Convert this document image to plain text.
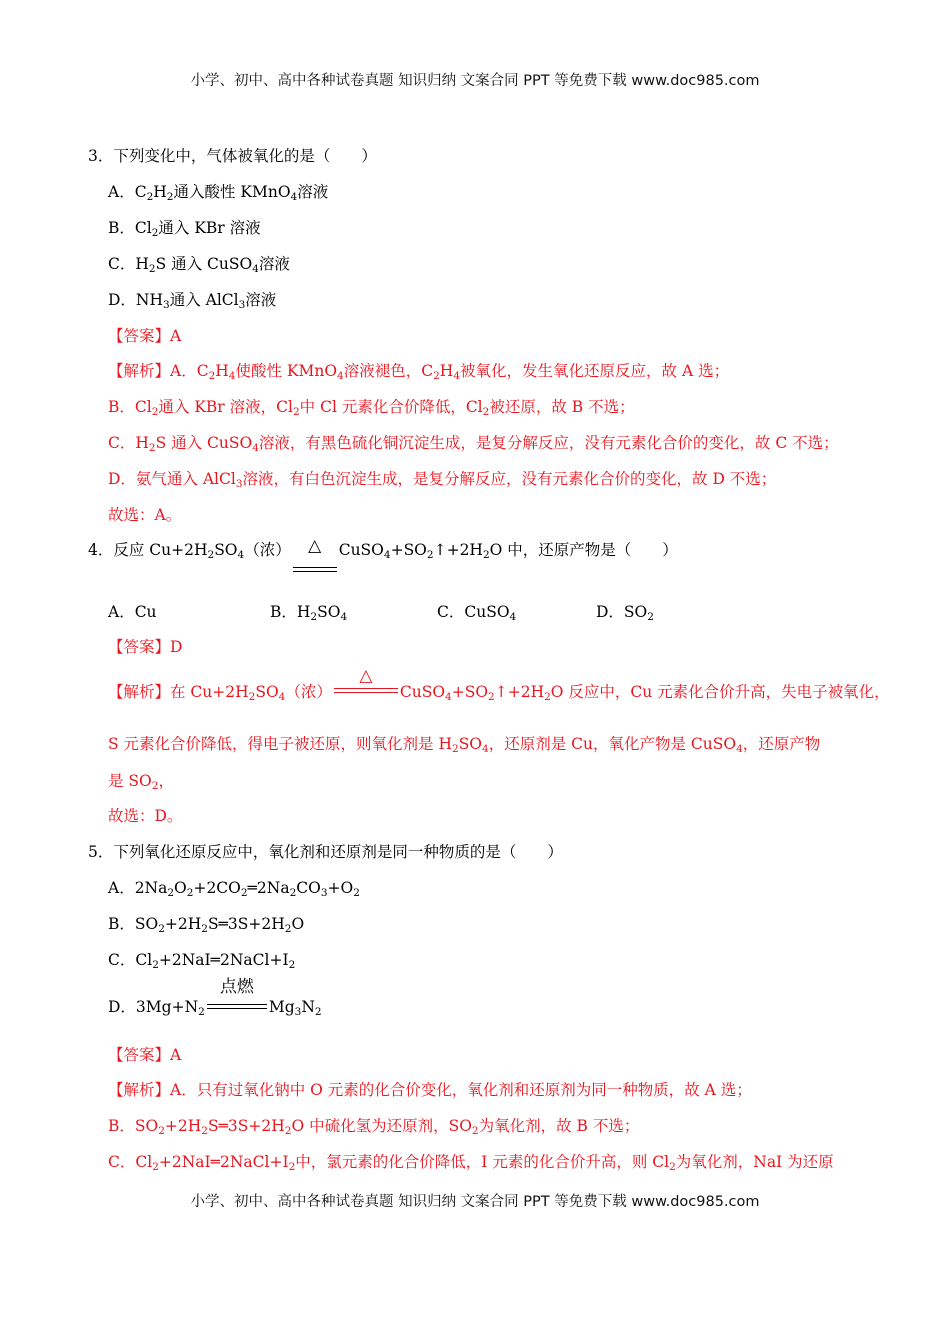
小学、初中、高中各种试卷真题 知识归纳 文案合同 PPT 等免费下载 www.doc985.com
3．下列变化中，气体被氧化的是（　　）
A．$C_2H_2$通入酸性 KMnO$_4$溶液
B．$Cl_2$通入 KBr 溶液
C．$H_2S$ 通入 CuSO$_4$溶液
D．$NH_3$通入 AlCl$_3$溶液
【答案】A
【解析】A．$C_2H_4$使酸性 KMnO$_4$溶液褪色，$C_2H_4$被氧化，发生氧化还原反应，故 A 选；
B．$Cl_2$通入 KBr 溶液，$Cl_2$中 Cl 元素化合价降低，$Cl_2$被还原，故 B 不选；
C．$H_2S$ 通入 CuSO$_4$溶液，有黑色硫化铜沉淀生成，是复分解反应，没有元素化合价的变化，故 C 不选；
D．氨气通入 AlCl$_3$溶液，有白色沉淀生成，是复分解反应，没有元素化合价的变化，故 D 不选；
故选：A。
4．反应 $Cu+2H_2SO_4$（浓）	△	$CuSO_4+SO_2↑+2H_2O$ 中，还原产物是（　　）
A．Cu	B．$H_2SO_4$	C．CuSO$_4$	D．$SO_2$
【答案】D
【解析】在 $Cu+2H_2SO_4$（浓）
△
$CuSO_4+SO_2↑+2H_2O$ 反应中，Cu 元素化合价升高，失电子被氧化，
S 元素化合价降低，得电子被还原，则氧化剂是 $H_2SO_4$，还原剂是 Cu，氧化产物是 CuSO$_4$，还原产物
是 $SO_2$，
故选：D。
5．下列氧化还原反应中，氧化剂和还原剂是同一种物质的是（　　）
A．$2Na_2O_2+2CO_2═2Na_2CO_3+O_2$
B．$SO_2+2H_2S═3S+2H_2O$
C．$Cl_2+2NaI═2NaCl+I_2$
D．$3Mg+N_2$
点燃
$Mg_3N_2$
【答案】A
【解析】A．只有过氧化钠中 O 元素的化合价变化，氧化剂和还原剂为同一种物质，故 A 选；
B．$SO_2+2H_2S═3S+2H_2O$ 中硫化氢为还原剂，$SO_2$为氧化剂，故 B 不选；
C．$Cl_2+2NaI═2NaCl+I_2$中，氯元素的化合价降低，I 元素的化合价升高，则 $Cl_2$为氧化剂，NaI 为还原
小学、初中、高中各种试卷真题 知识归纳 文案合同 PPT 等免费下载 www.doc985.com
